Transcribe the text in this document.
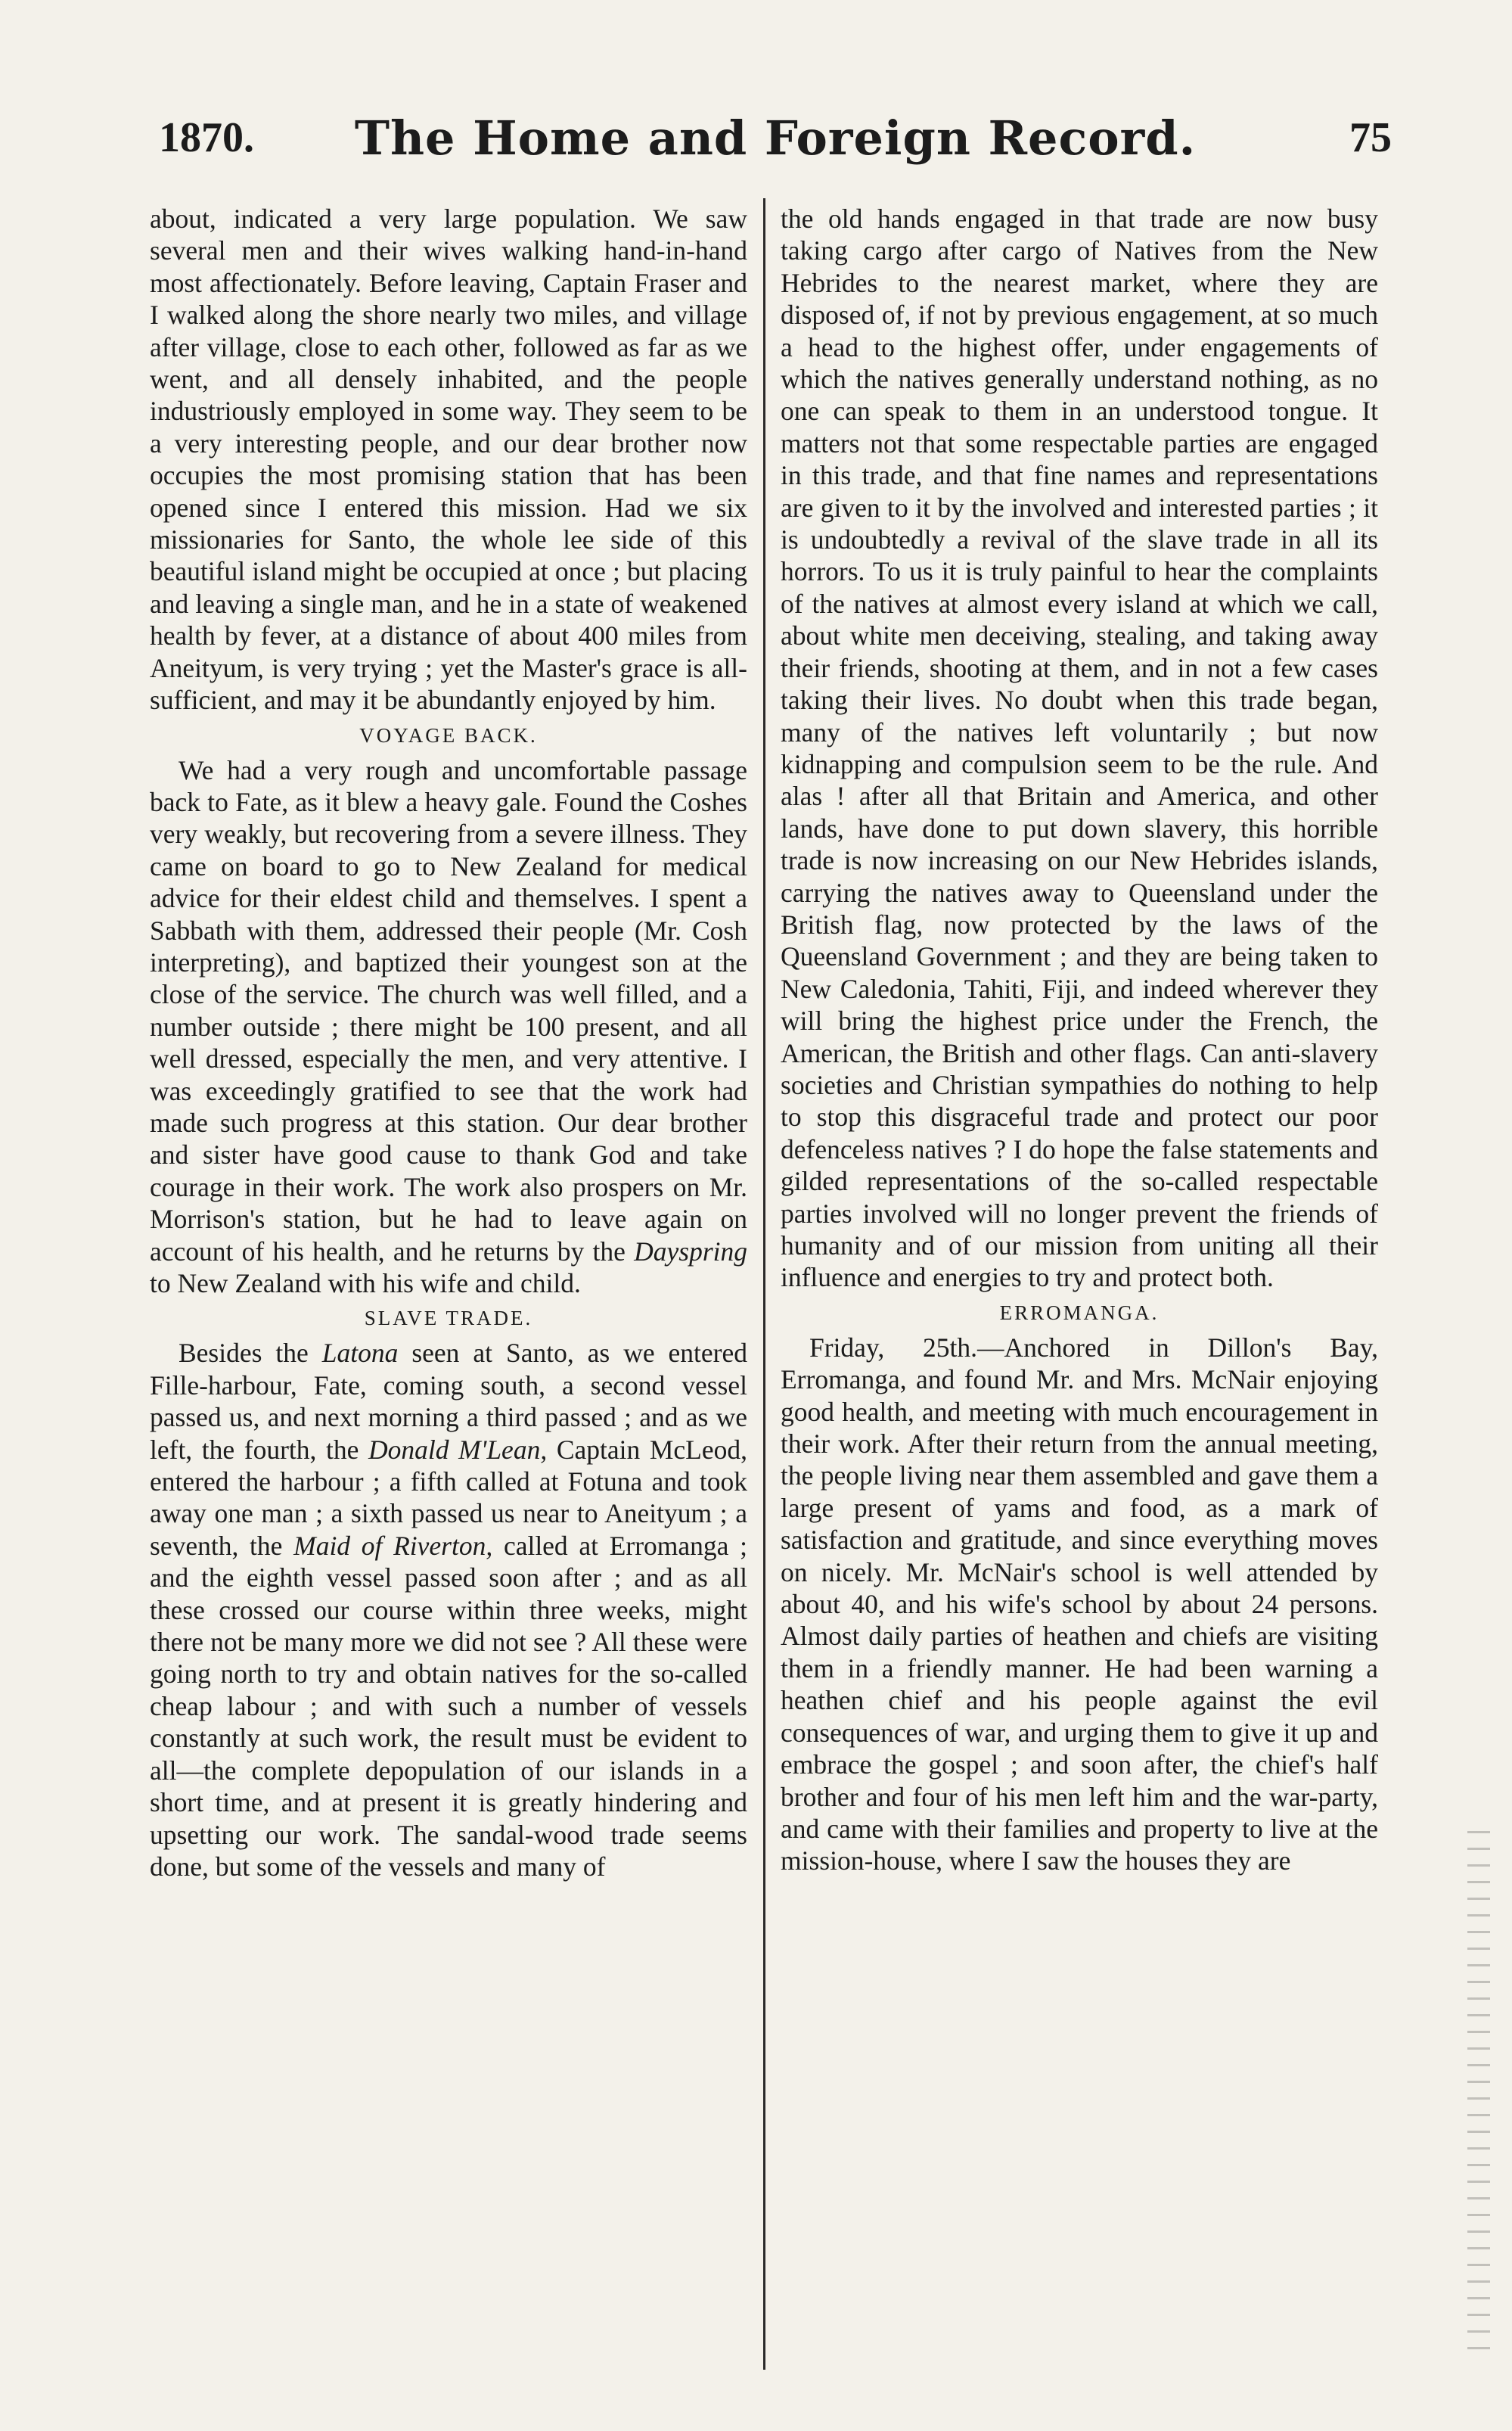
1870.	The Home and Foreign Record.	75

about, indicated a very large population. We saw several men and their wives walking hand-in-hand most affectionately. Before leaving, Captain Fraser and I walked along the shore nearly two miles, and village after village, close to each other, followed as far as we went, and all densely inhabited, and the people industriously employed in some way. They seem to be a very interesting people, and our dear brother now occupies the most promising station that has been opened since I entered this mission. Had we six missionaries for Santo, the whole lee side of this beautiful island might be occupied at once ; but placing and leaving a single man, and he in a state of weakened health by fever, at a distance of about 400 miles from Aneityum, is very trying ; yet the Master's grace is all-sufficient, and may it be abundantly enjoyed by him.

VOYAGE BACK.

We had a very rough and uncomfortable passage back to Fate, as it blew a heavy gale. Found the Coshes very weakly, but recovering from a severe illness. They came on board to go to New Zealand for medical advice for their eldest child and themselves. I spent a Sabbath with them, addressed their people (Mr. Cosh interpreting), and baptized their youngest son at the close of the service. The church was well filled, and a number outside ; there might be 100 present, and all well dressed, especially the men, and very attentive. I was exceedingly gratified to see that the work had made such progress at this station. Our dear brother and sister have good cause to thank God and take courage in their work. The work also prospers on Mr. Morrison's station, but he had to leave again on account of his health, and he returns by the Dayspring to New Zealand with his wife and child.

SLAVE TRADE.

Besides the Latona seen at Santo, as we entered Fille-harbour, Fate, coming south, a second vessel passed us, and next morning a third passed ; and as we left, the fourth, the Donald M'Lean, Captain McLeod, entered the harbour ; a fifth called at Fotuna and took away one man ; a sixth passed us near to Aneityum ; a seventh, the Maid of Riverton, called at Erromanga ; and the eighth vessel passed soon after ; and as all these crossed our course within three weeks, might there not be many more we did not see ? All these were going north to try and obtain natives for the so-called cheap labour ; and with such a number of vessels constantly at such work, the result must be evident to all—the complete depopulation of our islands in a short time, and at present it is greatly hindering and upsetting our work. The sandal-wood trade seems done, but some of the vessels and many of

the old hands engaged in that trade are now busy taking cargo after cargo of Natives from the New Hebrides to the nearest market, where they are disposed of, if not by previous engagement, at so much a head to the highest offer, under engagements of which the natives generally understand nothing, as no one can speak to them in an understood tongue. It matters not that some respectable parties are engaged in this trade, and that fine names and representations are given to it by the involved and interested parties ; it is undoubtedly a revival of the slave trade in all its horrors. To us it is truly painful to hear the complaints of the natives at almost every island at which we call, about white men deceiving, stealing, and taking away their friends, shooting at them, and in not a few cases taking their lives. No doubt when this trade began, many of the natives left voluntarily ; but now kidnapping and compulsion seem to be the rule. And alas ! after all that Britain and America, and other lands, have done to put down slavery, this horrible trade is now increasing on our New Hebrides islands, carrying the natives away to Queensland under the British flag, now protected by the laws of the Queensland Government ; and they are being taken to New Caledonia, Tahiti, Fiji, and indeed wherever they will bring the highest price under the French, the American, the British and other flags. Can anti-slavery societies and Christian sympathies do nothing to help to stop this disgraceful trade and protect our poor defenceless natives ? I do hope the false statements and gilded representations of the so-called respectable parties involved will no longer prevent the friends of humanity and of our mission from uniting all their influence and energies to try and protect both.

ERROMANGA.

Friday, 25th.—Anchored in Dillon's Bay, Erromanga, and found Mr. and Mrs. McNair enjoying good health, and meeting with much encouragement in their work. After their return from the annual meeting, the people living near them assembled and gave them a large present of yams and food, as a mark of satisfaction and gratitude, and since everything moves on nicely. Mr. McNair's school is well attended by about 40, and his wife's school by about 24 persons. Almost daily parties of heathen and chiefs are visiting them in a friendly manner. He had been warning a heathen chief and his people against the evil consequences of war, and urging them to give it up and embrace the gospel ; and soon after, the chief's half brother and four of his men left him and the war-party, and came with their families and property to live at the mission-house, where I saw the houses they are
